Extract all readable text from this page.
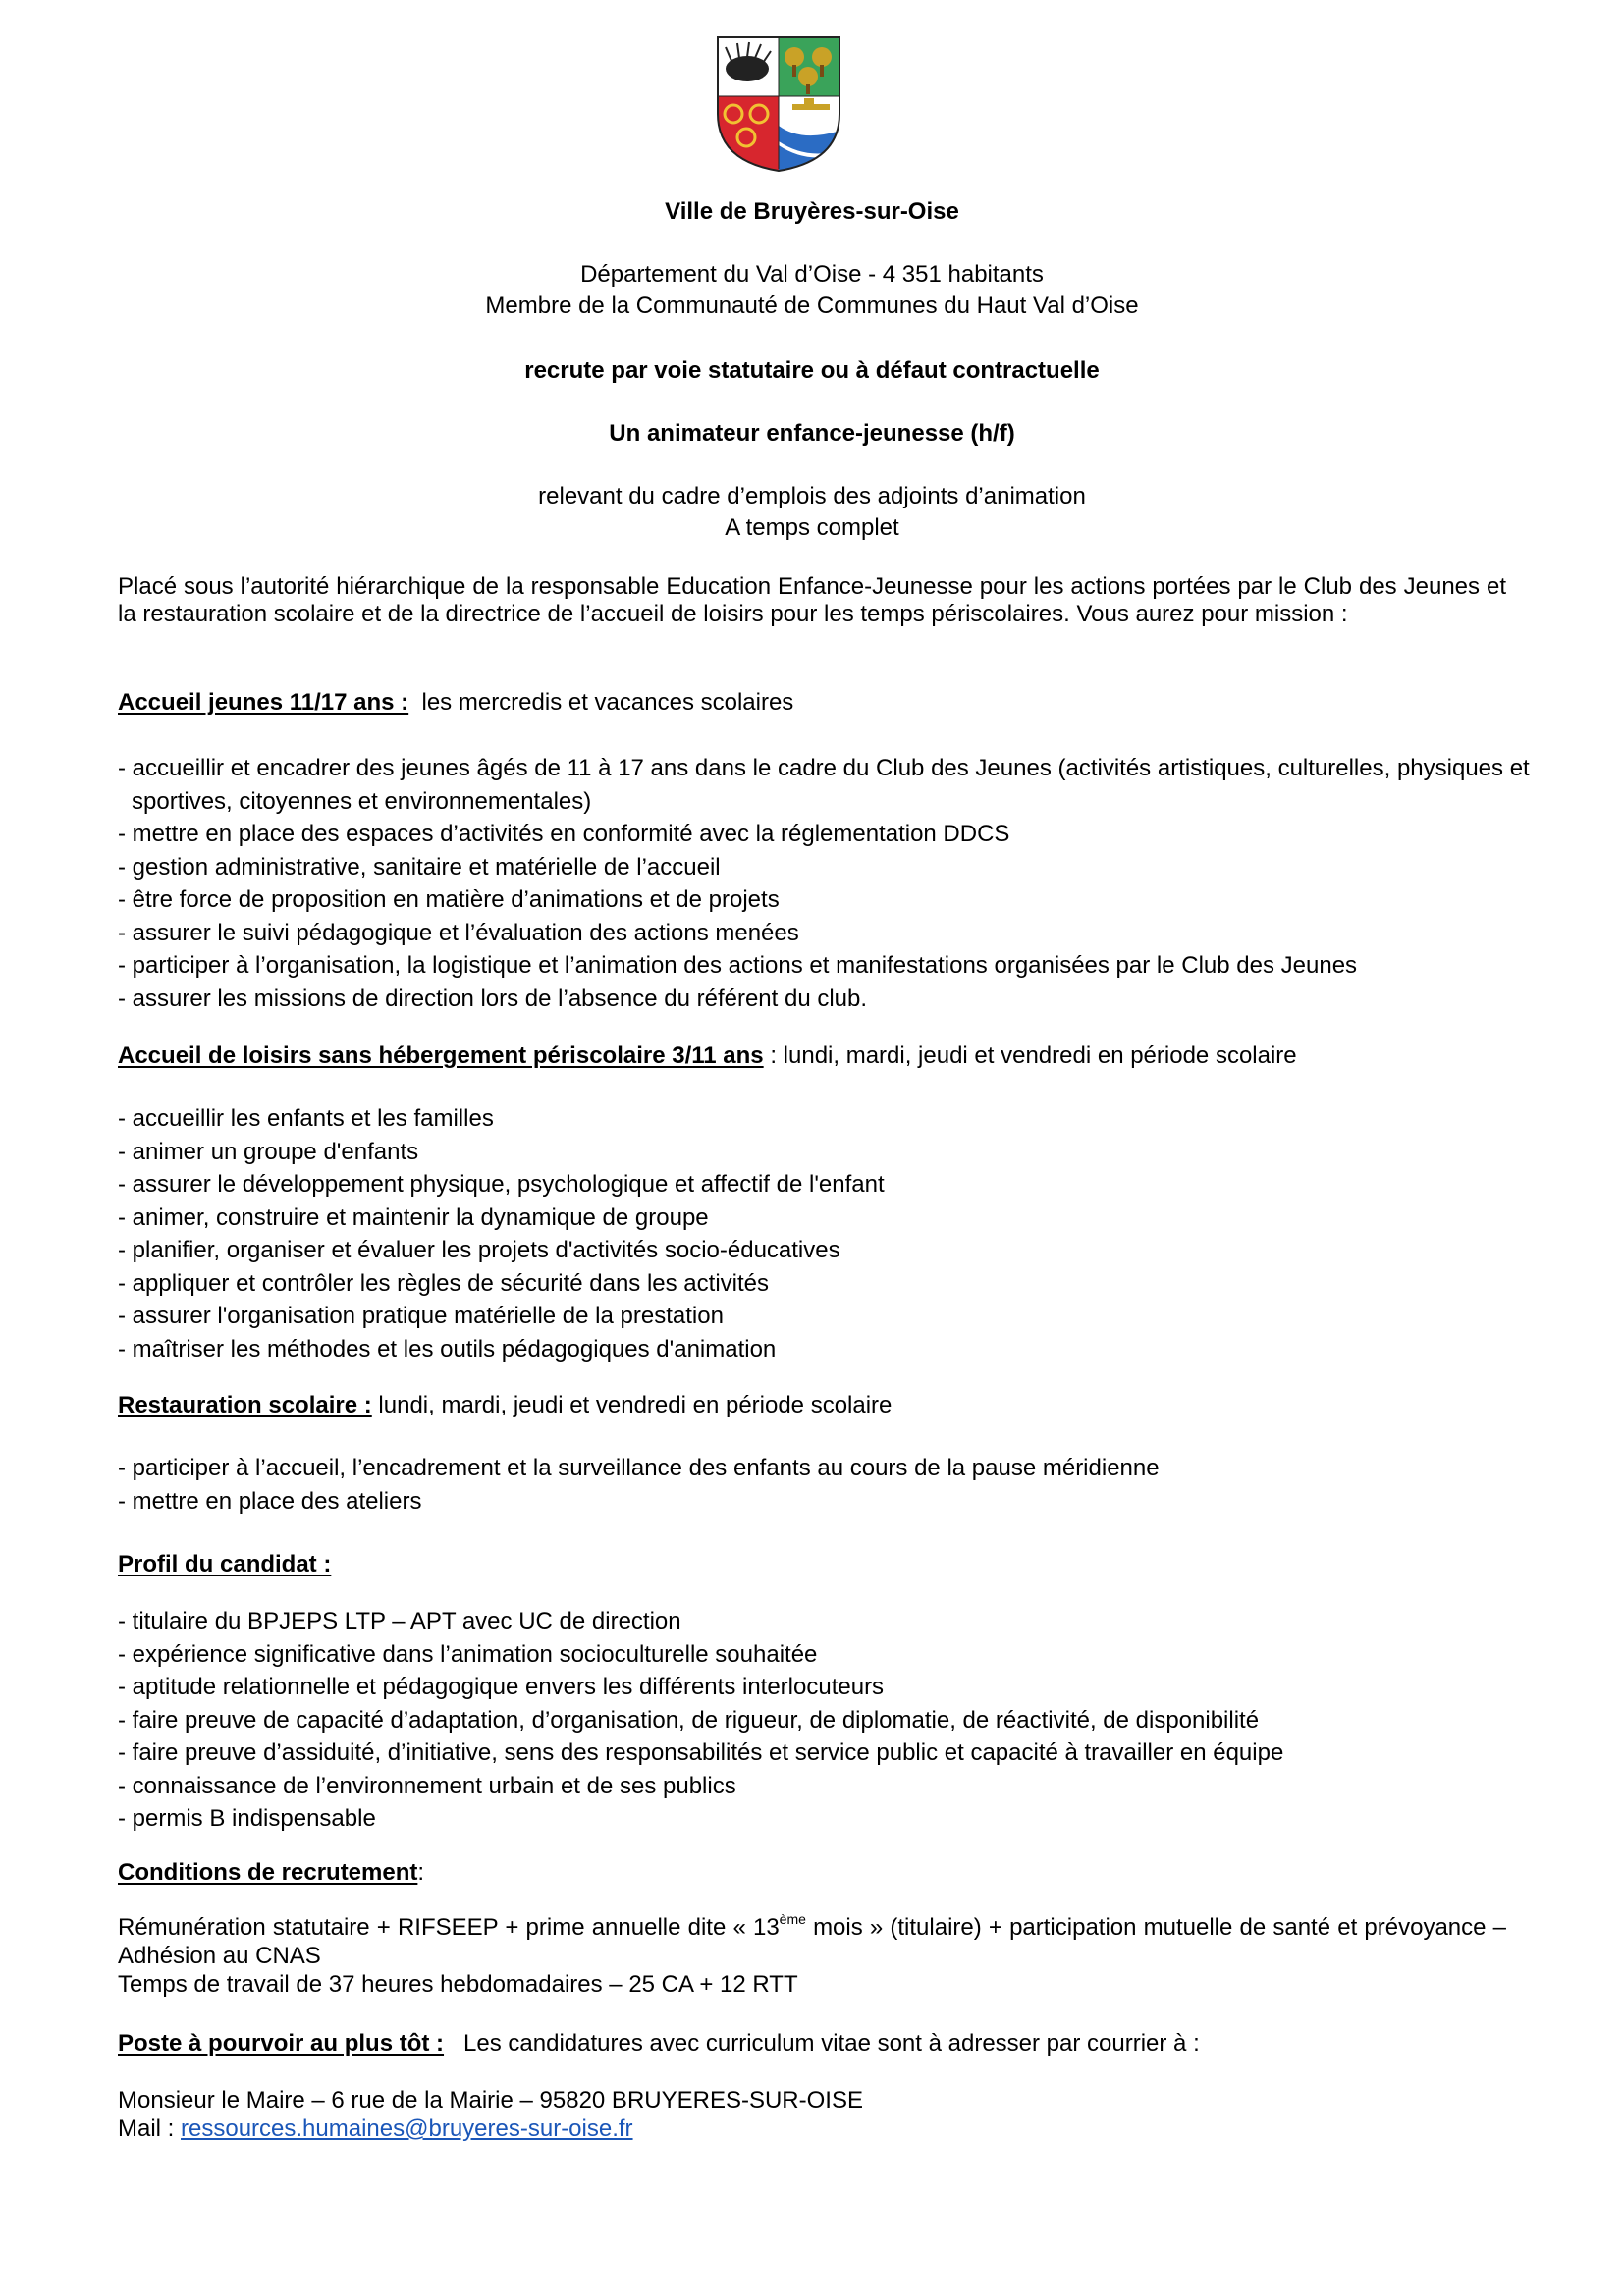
Ville de Bruyères-sur-Oise
Département du Val d’Oise - 4 351 habitants
Membre de la Communauté de Communes du Haut Val d’Oise
recrute par voie statutaire ou à défaut contractuelle
Un animateur enfance-jeunesse (h/f)
relevant du cadre d’emplois des adjoints d’animation
A temps complet
Placé sous l’autorité hiérarchique de la responsable Education Enfance-Jeunesse pour les actions portées par le Club des Jeunes et la restauration scolaire et de la directrice de l’accueil de loisirs pour les temps périscolaires. Vous aurez pour mission :
Accueil jeunes 11/17 ans : les mercredis et vacances scolaires
- accueillir et encadrer des jeunes âgés de 11 à 17 ans dans le cadre du Club des Jeunes (activités artistiques, culturelles, physiques et sportives, citoyennes et environnementales)
- mettre en place des espaces d’activités en conformité avec la réglementation DDCS
- gestion administrative, sanitaire et matérielle de l’accueil
- être force de proposition en matière d’animations et de projets
- assurer le suivi pédagogique et l’évaluation des actions menées
- participer à l’organisation, la logistique et l’animation des actions et manifestations organisées par le Club des Jeunes
- assurer les missions de direction lors de l’absence du référent du club.
Accueil de loisirs sans hébergement périscolaire 3/11 ans : lundi, mardi, jeudi et vendredi en période scolaire
- accueillir les enfants et les familles
- animer un groupe d'enfants
- assurer le développement physique, psychologique et affectif de l'enfant
- animer, construire et maintenir la dynamique de groupe
- planifier, organiser et évaluer les projets d'activités socio-éducatives
- appliquer et contrôler les règles de sécurité dans les activités
- assurer l'organisation pratique matérielle de la prestation
- maîtriser les méthodes et les outils pédagogiques d'animation
Restauration scolaire : lundi, mardi, jeudi et vendredi en période scolaire
- participer à l’accueil, l’encadrement et la surveillance des enfants au cours de la pause méridienne
- mettre en place des ateliers
Profil du candidat :
- titulaire du BPJEPS LTP – APT avec UC de direction
- expérience significative dans l’animation socioculturelle souhaitée
- aptitude relationnelle et pédagogique envers les différents interlocuteurs
- faire preuve de capacité d’adaptation, d’organisation, de rigueur, de diplomatie, de réactivité, de disponibilité
- faire preuve d’assiduité, d’initiative, sens des responsabilités et service public et capacité à travailler en équipe
- connaissance de l’environnement urbain et de ses publics
- permis B indispensable
Conditions de recrutement:
Rémunération statutaire + RIFSEEP + prime annuelle dite « 13ème mois » (titulaire) + participation mutuelle de santé et prévoyance – Adhésion au CNAS
Temps de travail de 37 heures hebdomadaires – 25 CA + 12 RTT
Poste à pourvoir au plus tôt : Les candidatures avec curriculum vitae sont à adresser par courrier à :
Monsieur le Maire – 6 rue de la Mairie – 95820 BRUYERES-SUR-OISE
Mail : ressources.humaines@bruyeres-sur-oise.fr
